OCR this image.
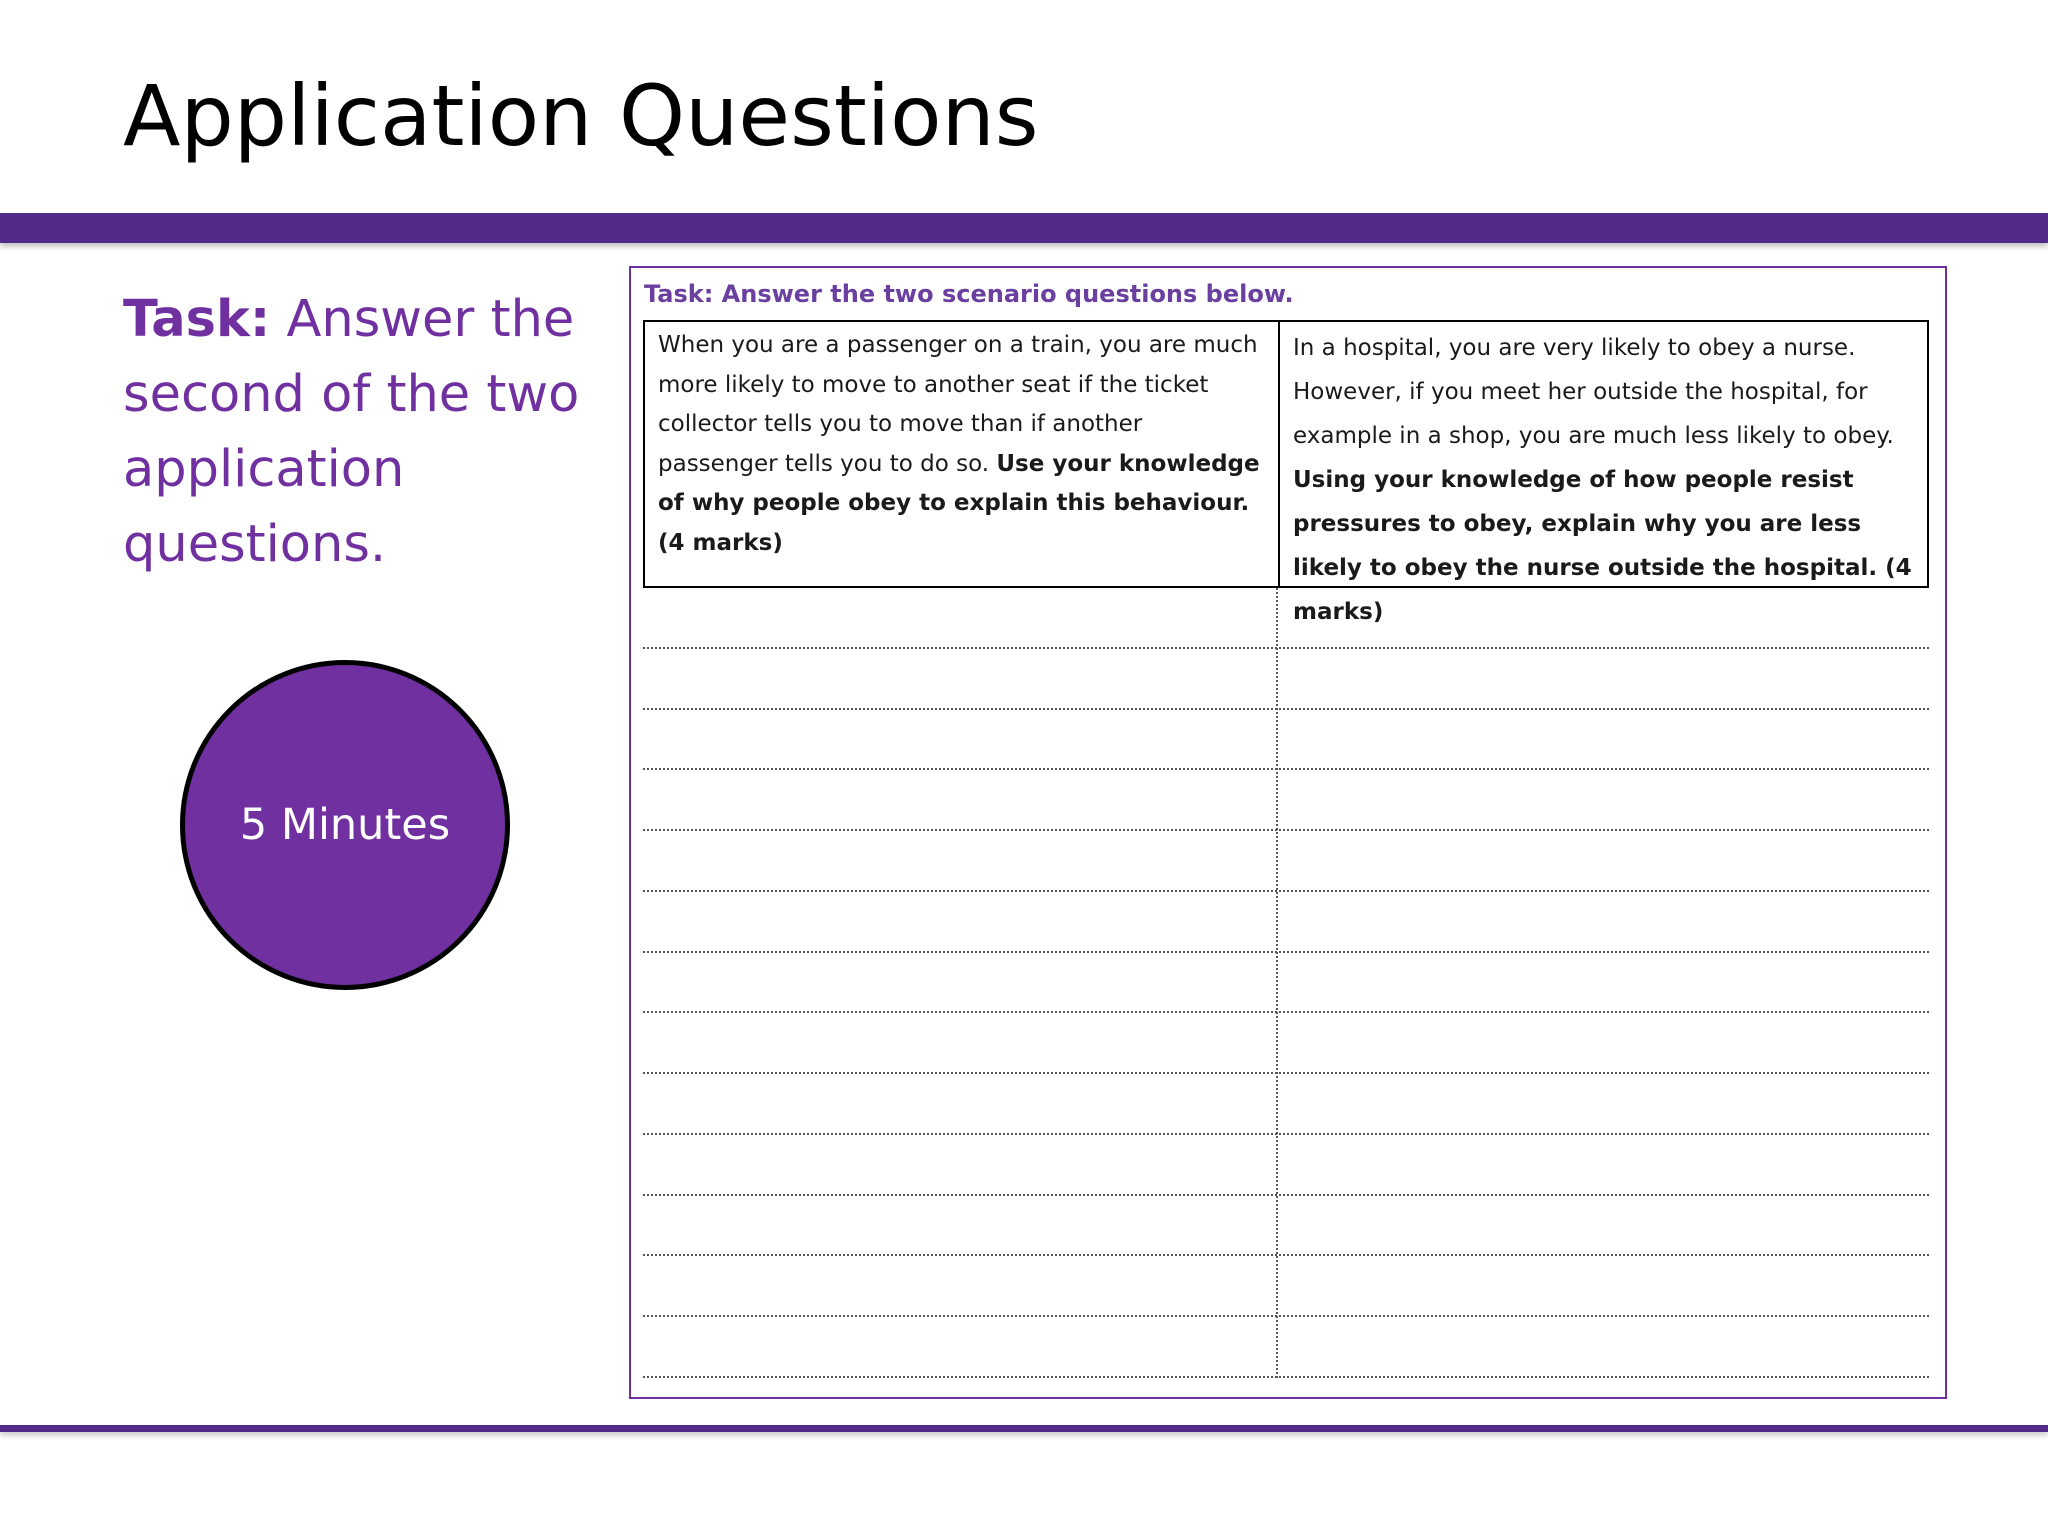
Application Questions

Task: Answer the second of the two application questions.

5 Minutes

Task: Answer the two scenario questions below.

When you are a passenger on a train, you are much more likely to move to another seat if the ticket collector tells you to move than if another passenger tells you to do so. Use your knowledge of why people obey to explain this behaviour. (4 marks)
In a hospital, you are very likely to obey a nurse. However, if you meet her outside the hospital, for example in a shop, you are much less likely to obey. Using your knowledge of how people resist pressures to obey, explain why you are less likely to obey the nurse outside the hospital. (4 marks)
